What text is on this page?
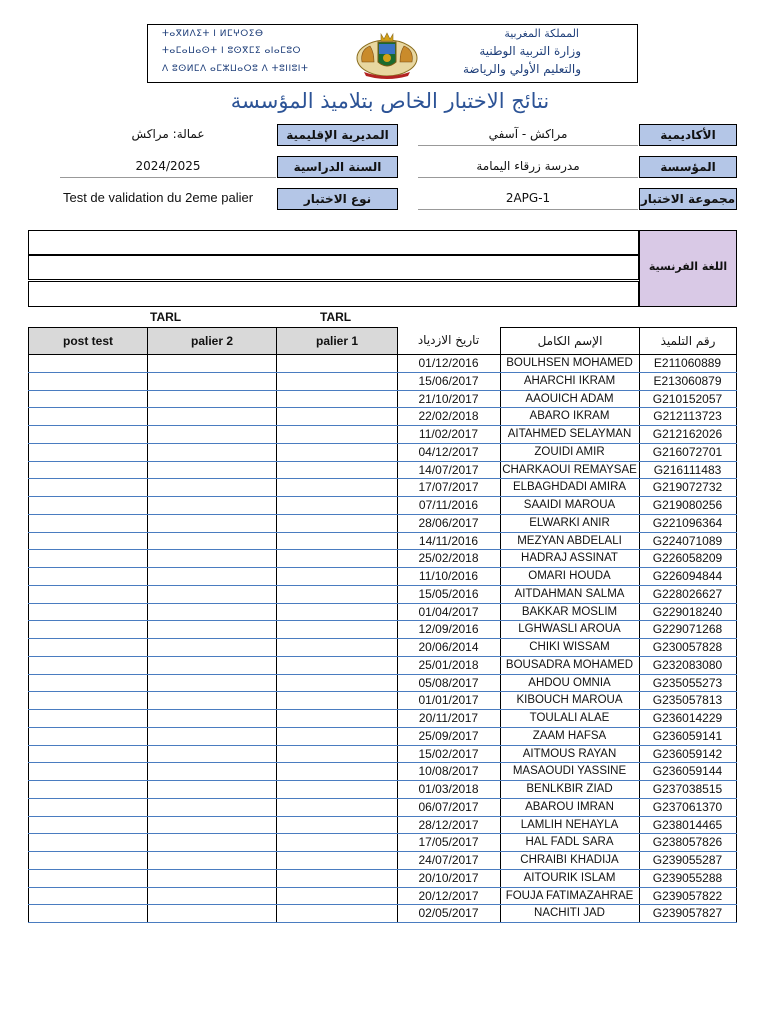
ⵜⴰⴳⵍⴷⵉⵜ ⵏ ⵍⵎⵖⵔⵉⴱ
ⵜⴰⵎⴰⵡⴰⵙⵜ ⵏ ⵓⵙⴳⵎⵉ ⴰⵏⴰⵎⵓⵔ
ⴷ ⵓⵙⵍⵎⴷ ⴰⵎⵣⵡⴰⵔⵓ ⴷ ⵜⵓⵏⵏⵓⵏⵜ
المملكة المغربية
وزارة التربية الوطنية
والتعليم الأولي والرياضة
نتائج الاختبار الخاص بتلاميذ المؤسسة
الأكاديمية
مراكش - آسفي
المديرية الإقليمية
عمالة: مراكش
المؤسسة
مدرسة زرقاء اليمامة
السنة الدراسية
2024/2025
مجموعة الاختبار
2APG-1
نوع الاختبار
Test de validation du 2eme palier
اللغة الفرنسية
TARL	TARL
post test	palier 2	palier 1	تاريخ الازدياد	الإسم الكامل	رقم التلميذ
01/12/2016	BOULHSEN MOHAMED	E211060889
15/06/2017	AHARCHI IKRAM	E213060879
21/10/2017	AAOUICH ADAM	G210152057
22/02/2018	ABARO IKRAM	G212113723
11/02/2017	AITAHMED SELAYMAN	G212162026
04/12/2017	ZOUIDI AMIR	G216072701
14/07/2017	CHARKAOUI REMAYSAE	G216111483
17/07/2017	ELBAGHDADI AMIRA	G219072732
07/11/2016	SAAIDI MAROUA	G219080256
28/06/2017	ELWARKI ANIR	G221096364
14/11/2016	MEZYAN ABDELALI	G224071089
25/02/2018	HADRAJ ASSINAT	G226058209
11/10/2016	OMARI HOUDA	G226094844
15/05/2016	AITDAHMAN SALMA	G228026627
01/04/2017	BAKKAR MOSLIM	G229018240
12/09/2016	LGHWASLI AROUA	G229071268
20/06/2014	CHIKI WISSAM	G230057828
25/01/2018	BOUSADRA MOHAMED	G232083080
05/08/2017	AHDOU OMNIA	G235055273
01/01/2017	KIBOUCH MAROUA	G235057813
20/11/2017	TOULALI ALAE	G236014229
25/09/2017	ZAAM HAFSA	G236059141
15/02/2017	AITMOUS RAYAN	G236059142
10/08/2017	MASAOUDI YASSINE	G236059144
01/03/2018	BENLKBIR ZIAD	G237038515
06/07/2017	ABAROU IMRAN	G237061370
28/12/2017	LAMLIH NEHAYLA	G238014465
17/05/2017	HAL FADL SARA	G238057826
24/07/2017	CHRAIBI KHADIJA	G239055287
20/10/2017	AITOURIK ISLAM	G239055288
20/12/2017	FOUJA FATIMAZAHRAE	G239057822
02/05/2017	NACHITI JAD	G239057827
